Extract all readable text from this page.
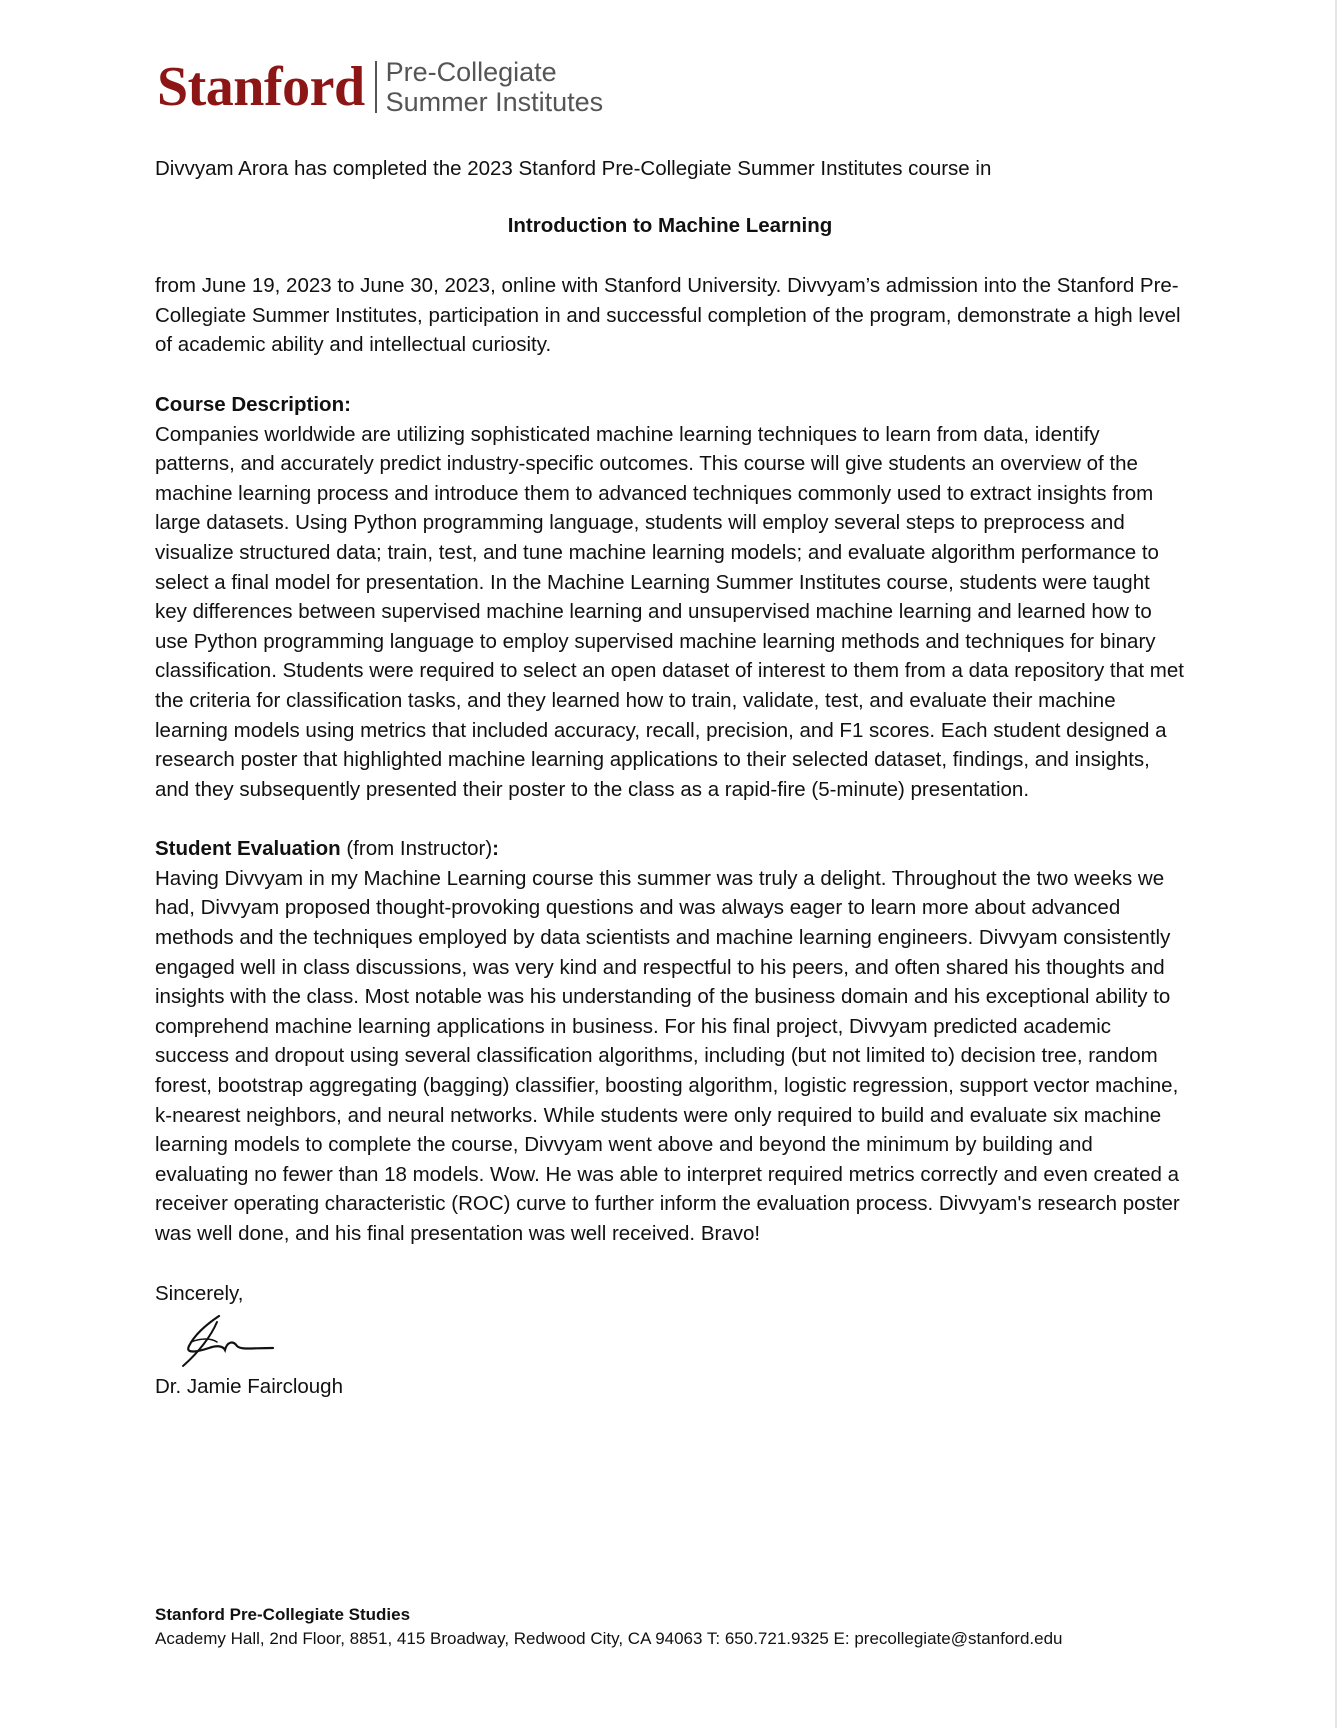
Stanford Pre-Collegiate
Summer Institutes

Divvyam Arora has completed the 2023 Stanford Pre-Collegiate Summer Institutes course in

Introduction to Machine Learning

from June 19, 2023 to June 30, 2023, online with Stanford University. Divvyam’s admission into the Stanford Pre-Collegiate Summer Institutes, participation in and successful completion of the program, demonstrate a high level of academic ability and intellectual curiosity.

Course Description:

Companies worldwide are utilizing sophisticated machine learning techniques to learn from data, identify patterns, and accurately predict industry-specific outcomes. This course will give students an overview of the machine learning process and introduce them to advanced techniques commonly used to extract insights from large datasets. Using Python programming language, students will employ several steps to preprocess and visualize structured data; train, test, and tune machine learning models; and evaluate algorithm performance to select a final model for presentation. In the Machine Learning Summer Institutes course, students were taught key differences between supervised machine learning and unsupervised machine learning and learned how to use Python programming language to employ supervised machine learning methods and techniques for binary classification. Students were required to select an open dataset of interest to them from a data repository that met the criteria for classification tasks, and they learned how to train, validate, test, and evaluate their machine learning models using metrics that included accuracy, recall, precision, and F1 scores. Each student designed a research poster that highlighted machine learning applications to their selected dataset, findings, and insights, and they subsequently presented their poster to the class as a rapid-fire (5-minute) presentation.

Student Evaluation (from Instructor):

Having Divvyam in my Machine Learning course this summer was truly a delight. Throughout the two weeks we had, Divvyam proposed thought-provoking questions and was always eager to learn more about advanced methods and the techniques employed by data scientists and machine learning engineers. Divvyam consistently engaged well in class discussions, was very kind and respectful to his peers, and often shared his thoughts and insights with the class. Most notable was his understanding of the business domain and his exceptional ability to comprehend machine learning applications in business. For his final project, Divvyam predicted academic success and dropout using several classification algorithms, including (but not limited to) decision tree, random forest, bootstrap aggregating (bagging) classifier, boosting algorithm, logistic regression, support vector machine, k-nearest neighbors, and neural networks. While students were only required to build and evaluate six machine learning models to complete the course, Divvyam went above and beyond the minimum by building and evaluating no fewer than 18 models. Wow. He was able to interpret required metrics correctly and even created a receiver operating characteristic (ROC) curve to further inform the evaluation process. Divvyam's research poster was well done, and his final presentation was well received. Bravo!

Sincerely,

Dr. Jamie Fairclough

Stanford Pre-Collegiate Studies
Academy Hall, 2nd Floor, 8851, 415 Broadway, Redwood City, CA 94063 T: 650.721.9325 E: precollegiate@stanford.edu
